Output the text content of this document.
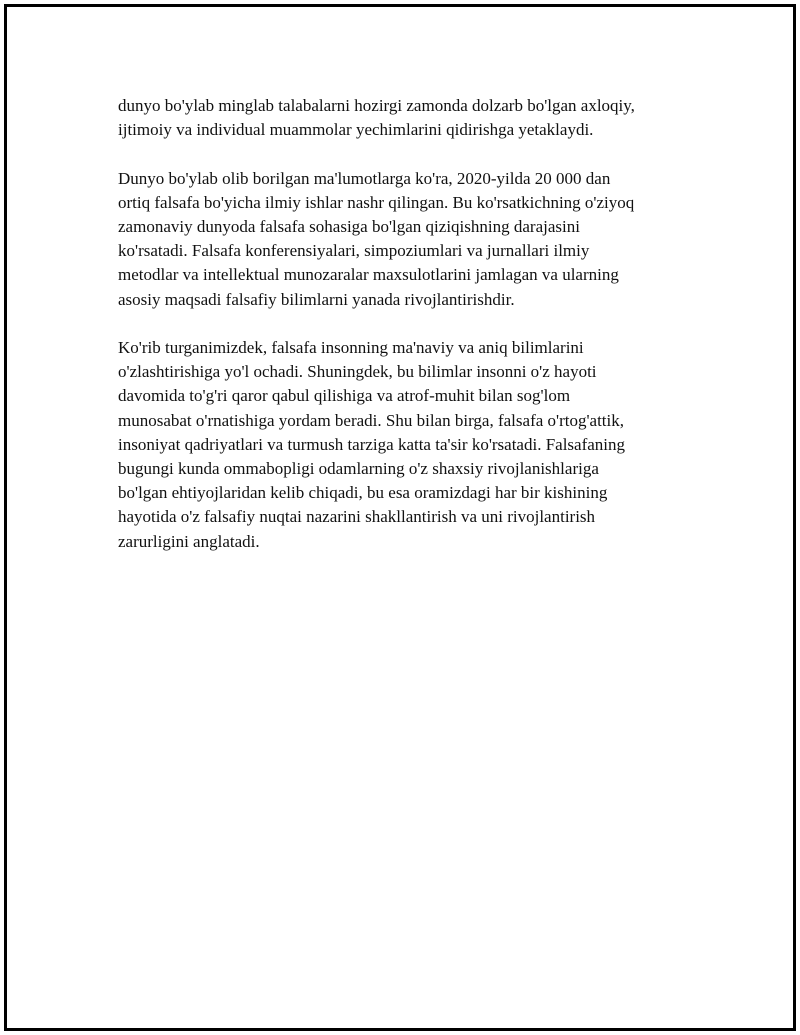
dunyo bo'ylab minglab talabalarni hozirgi zamonda dolzarb bo'lgan axloqiy,
ijtimoiy va individual muammolar yechimlarini qidirishga yetaklaydi.

Dunyo bo'ylab olib borilgan ma'lumotlarga ko'ra, 2020-yilda 20 000 dan
ortiq falsafa bo'yicha ilmiy ishlar nashr qilingan. Bu ko'rsatkichning o'ziyoq
zamonaviy dunyoda falsafa sohasiga bo'lgan qiziqishning darajasini
ko'rsatadi. Falsafa konferensiyalari, simpoziumlari va jurnallari ilmiy
metodlar va intellektual munozaralar maxsulotlarini jamlagan va ularning
asosiy maqsadi falsafiy bilimlarni yanada rivojlantirishdir.

Ko'rib turganimizdek, falsafa insonning ma'naviy va aniq bilimlarini
o'zlashtirishiga yo'l ochadi. Shuningdek, bu bilimlar insonni o'z hayoti
davomida to'g'ri qaror qabul qilishiga va atrof-muhit bilan sog'lom
munosabat o'rnatishiga yordam beradi. Shu bilan birga, falsafa o'rtog'attik,
insoniyat qadriyatlari va turmush tarziga katta ta'sir ko'rsatadi. Falsafaning
bugungi kunda ommabopligi odamlarning o'z shaxsiy rivojlanishlariga
bo'lgan ehtiyojlaridan kelib chiqadi, bu esa oramizdagi har bir kishining
hayotida o'z falsafiy nuqtai nazarini shakllantirish va uni rivojlantirish
zarurligini anglatadi.
